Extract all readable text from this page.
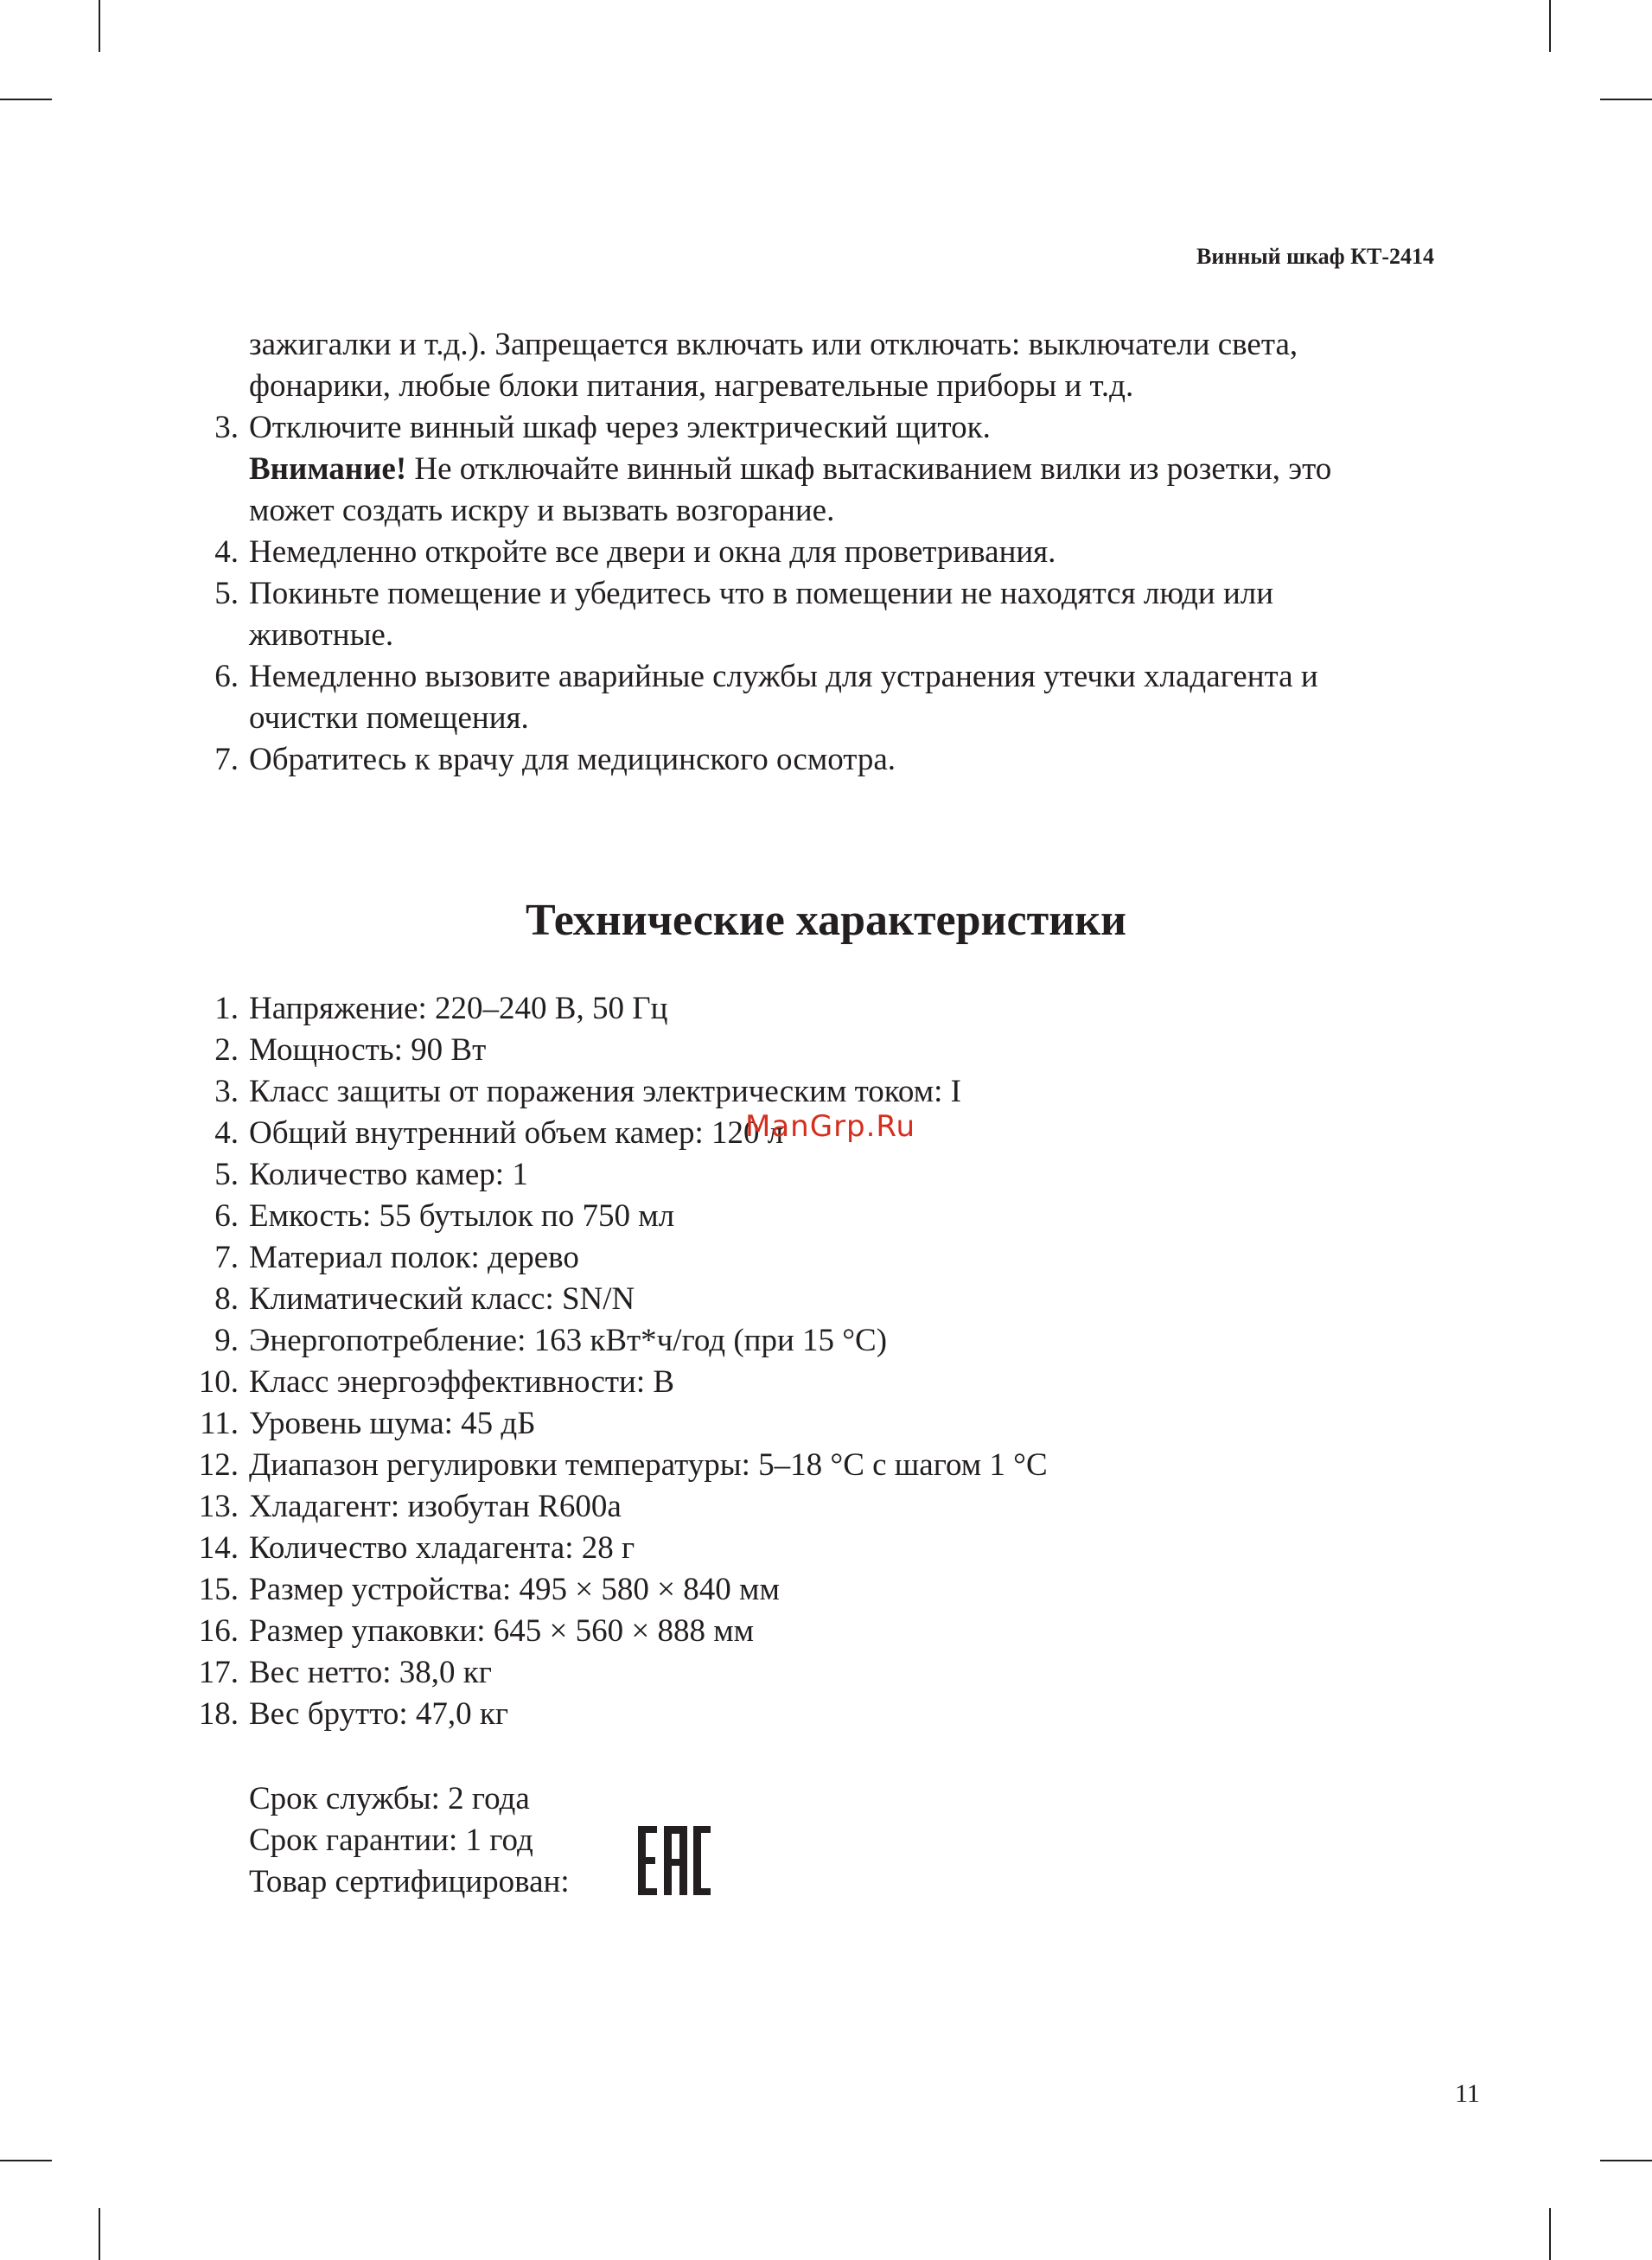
Винный шкаф КТ-2414
зажигалки и т.д.). Запрещается включать или отключать: выключатели света,
фонарики, любые блоки питания, нагревательные приборы и т.д.
3. Отключите винный шкаф через электрический щиток.
Внимание! Не отключайте винный шкаф вытаскиванием вилки из розетки, это
может создать искру и вызвать возгорание.
4. Немедленно откройте все двери и окна для проветривания.
5. Покиньте помещение и убедитесь что в помещении не находятся люди или
животные.
6. Немедленно вызовите аварийные службы для устранения утечки хладагента и
очистки помещения.
7. Обратитесь к врачу для медицинского осмотра.
Технические характеристики
1. Напряжение: 220–240 В, 50 Гц
2. Мощность: 90 Вт
3. Класс защиты от поражения электрическим током: I
4. Общий внутренний объем камер: 120 л
5. Количество камер: 1
6. Емкость: 55 бутылок по 750 мл
7. Материал полок: дерево
8. Климатический класс: SN/N
9. Энергопотребление: 163 кВт*ч/год (при 15 °С)
10. Класс энергоэффективности: B
11. Уровень шума: 45 дБ
12. Диапазон регулировки температуры: 5–18 °С с шагом 1 °С
13. Хладагент: изобутан R600a
14. Количество хладагента: 28 г
15. Размер устройства: 495 × 580 × 840 мм
16. Размер упаковки: 645 × 560 × 888 мм
17. Вес нетто: 38,0 кг
18. Вес брутто: 47,0 кг
Срок службы: 2 года
Срок гарантии: 1 год
Товар сертифицирован:
ManGrp.Ru
11
